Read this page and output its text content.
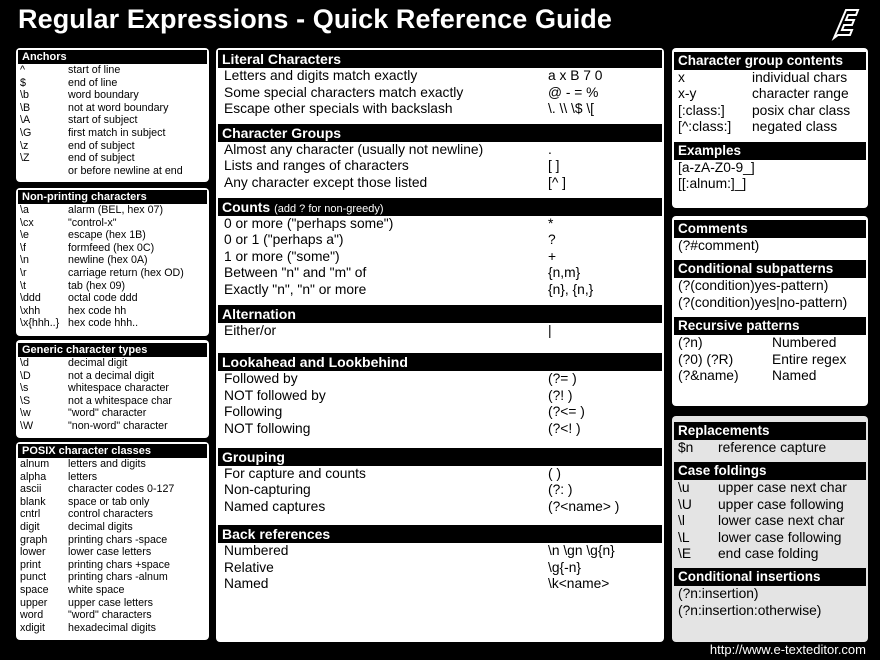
Regular Expressions - Quick Reference Guide
Anchors
^	start of line
$	end of line
\b	word boundary
\B	not at word boundary
\A	start of subject
\G	first match in subject
\z	end of subject
\Z	end of subject
or before newline at end
Non-printing characters
\a	alarm (BEL, hex 07)
\cx	"control-x"
\e	escape (hex 1B)
\f	formfeed (hex 0C)
\n	newline (hex 0A)
\r	carriage return (hex OD)
\t	tab (hex 09)
\ddd	octal code ddd
\xhh	hex code hh
\x{hhh..} hex code hhh..
Generic character types
\d	decimal digit
\D	not a decimal digit
\s	whitespace character
\S	not a whitespace char
\w	"word" character
\W	"non-word" character
POSIX character classes
alnum	letters and digits
alpha	letters
ascii	character codes 0-127
blank	space or tab only
cntrl	control characters
digit	decimal digits
graph	printing chars -space
lower	lower case letters
print	printing chars +space
punct	printing chars -alnum
space	white space
upper	upper case letters
word	"word" characters
xdigit	hexadecimal digits
Literal Characters
Letters and digits match exactly	a x B 7 0
Some special characters match exactly	@ - = %
Escape other specials with backslash	\. \\ \$ \[
Character Groups
Almost any character (usually not newline)	.
Lists and ranges of characters	[ ]
Any character except those listed	[^ ]
Counts (add ? for non-greedy)
0 or more ("perhaps some")	*
0 or 1 ("perhaps a")	?
1 or more ("some")	+
Between "n" and "m" of	{n,m}
Exactly "n", "n" or more	{n}, {n,}
Alternation
Either/or	|
Lookahead and Lookbehind
Followed by	(?= )
NOT followed by	(?! )
Following	(?<= )
NOT following	(?<! )
Grouping
For capture and counts	( )
Non-capturing	(?: )
Named captures	(?<name> )
Back references
Numbered	\n \gn \g{n}
Relative	\g{-n}
Named	\k<name>
Character group contents
x	individual chars
x-y	character range
[:class:]	posix char class
[^:class:]	negated class
Examples
[a-zA-Z0-9_]
[[:alnum:]_]
Comments
(?#comment)
Conditional subpatterns
(?(condition)yes-pattern)
(?(condition)yes|no-pattern)
Recursive patterns
(?n)	Numbered
(?0) (?R)	Entire regex
(?&name)	Named
Replacements
$n	reference capture
Case foldings
\u	upper case next char
\U	upper case following
\l	lower case next char
\L	lower case following
\E	end case folding
Conditional insertions
(?n:insertion)
(?n:insertion:otherwise)
http://www.e-texteditor.com
